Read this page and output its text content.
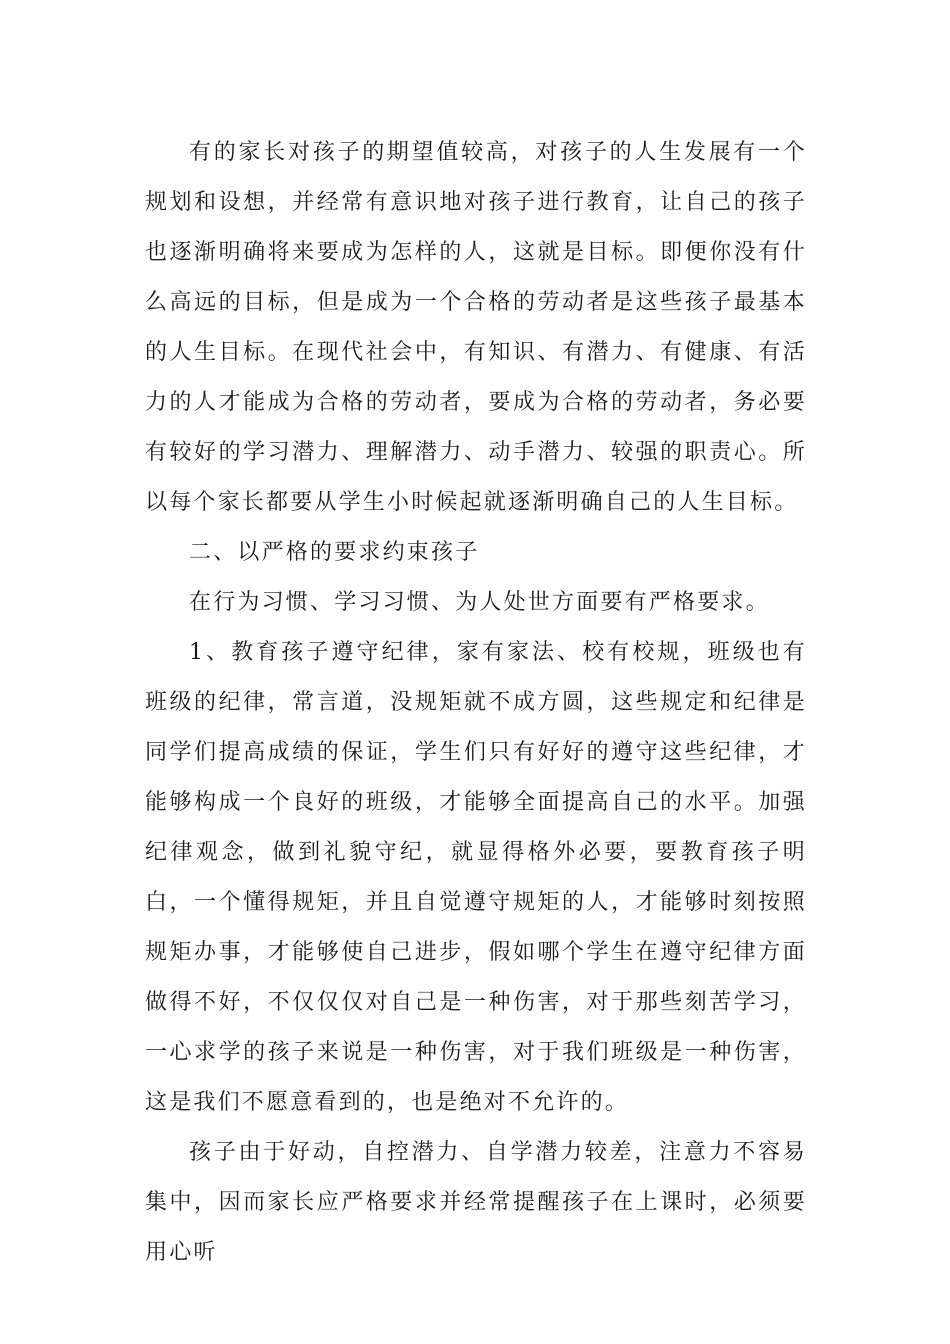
有的家长对孩子的期望值较高，对孩子的人生发展有一个规划和设想，并经常有意识地对孩子进行教育，让自己的孩子也逐渐明确将来要成为怎样的人，这就是目标。即便你没有什么高远的目标，但是成为一个合格的劳动者是这些孩子最基本的人生目标。在现代社会中，有知识、有潜力、有健康、有活力的人才能成为合格的劳动者，要成为合格的劳动者，务必要有较好的学习潜力、理解潜力、动手潜力、较强的职责心。所以每个家长都要从学生小时候起就逐渐明确自己的人生目标。

二、以严格的要求约束孩子

在行为习惯、学习习惯、为人处世方面要有严格要求。

1、教育孩子遵守纪律，家有家法、校有校规，班级也有班级的纪律，常言道，没规矩就不成方圆，这些规定和纪律是同学们提高成绩的保证，学生们只有好好的遵守这些纪律，才能够构成一个良好的班级，才能够全面提高自己的水平。加强纪律观念，做到礼貌守纪，就显得格外必要，要教育孩子明白，一个懂得规矩，并且自觉遵守规矩的人，才能够时刻按照规矩办事，才能够使自己进步，假如哪个学生在遵守纪律方面做得不好，不仅仅仅对自己是一种伤害，对于那些刻苦学习，一心求学的孩子来说是一种伤害，对于我们班级是一种伤害，这是我们不愿意看到的，也是绝对不允许的。

孩子由于好动，自控潜力、自学潜力较差，注意力不容易集中，因而家长应严格要求并经常提醒孩子在上课时，必须要用心听
